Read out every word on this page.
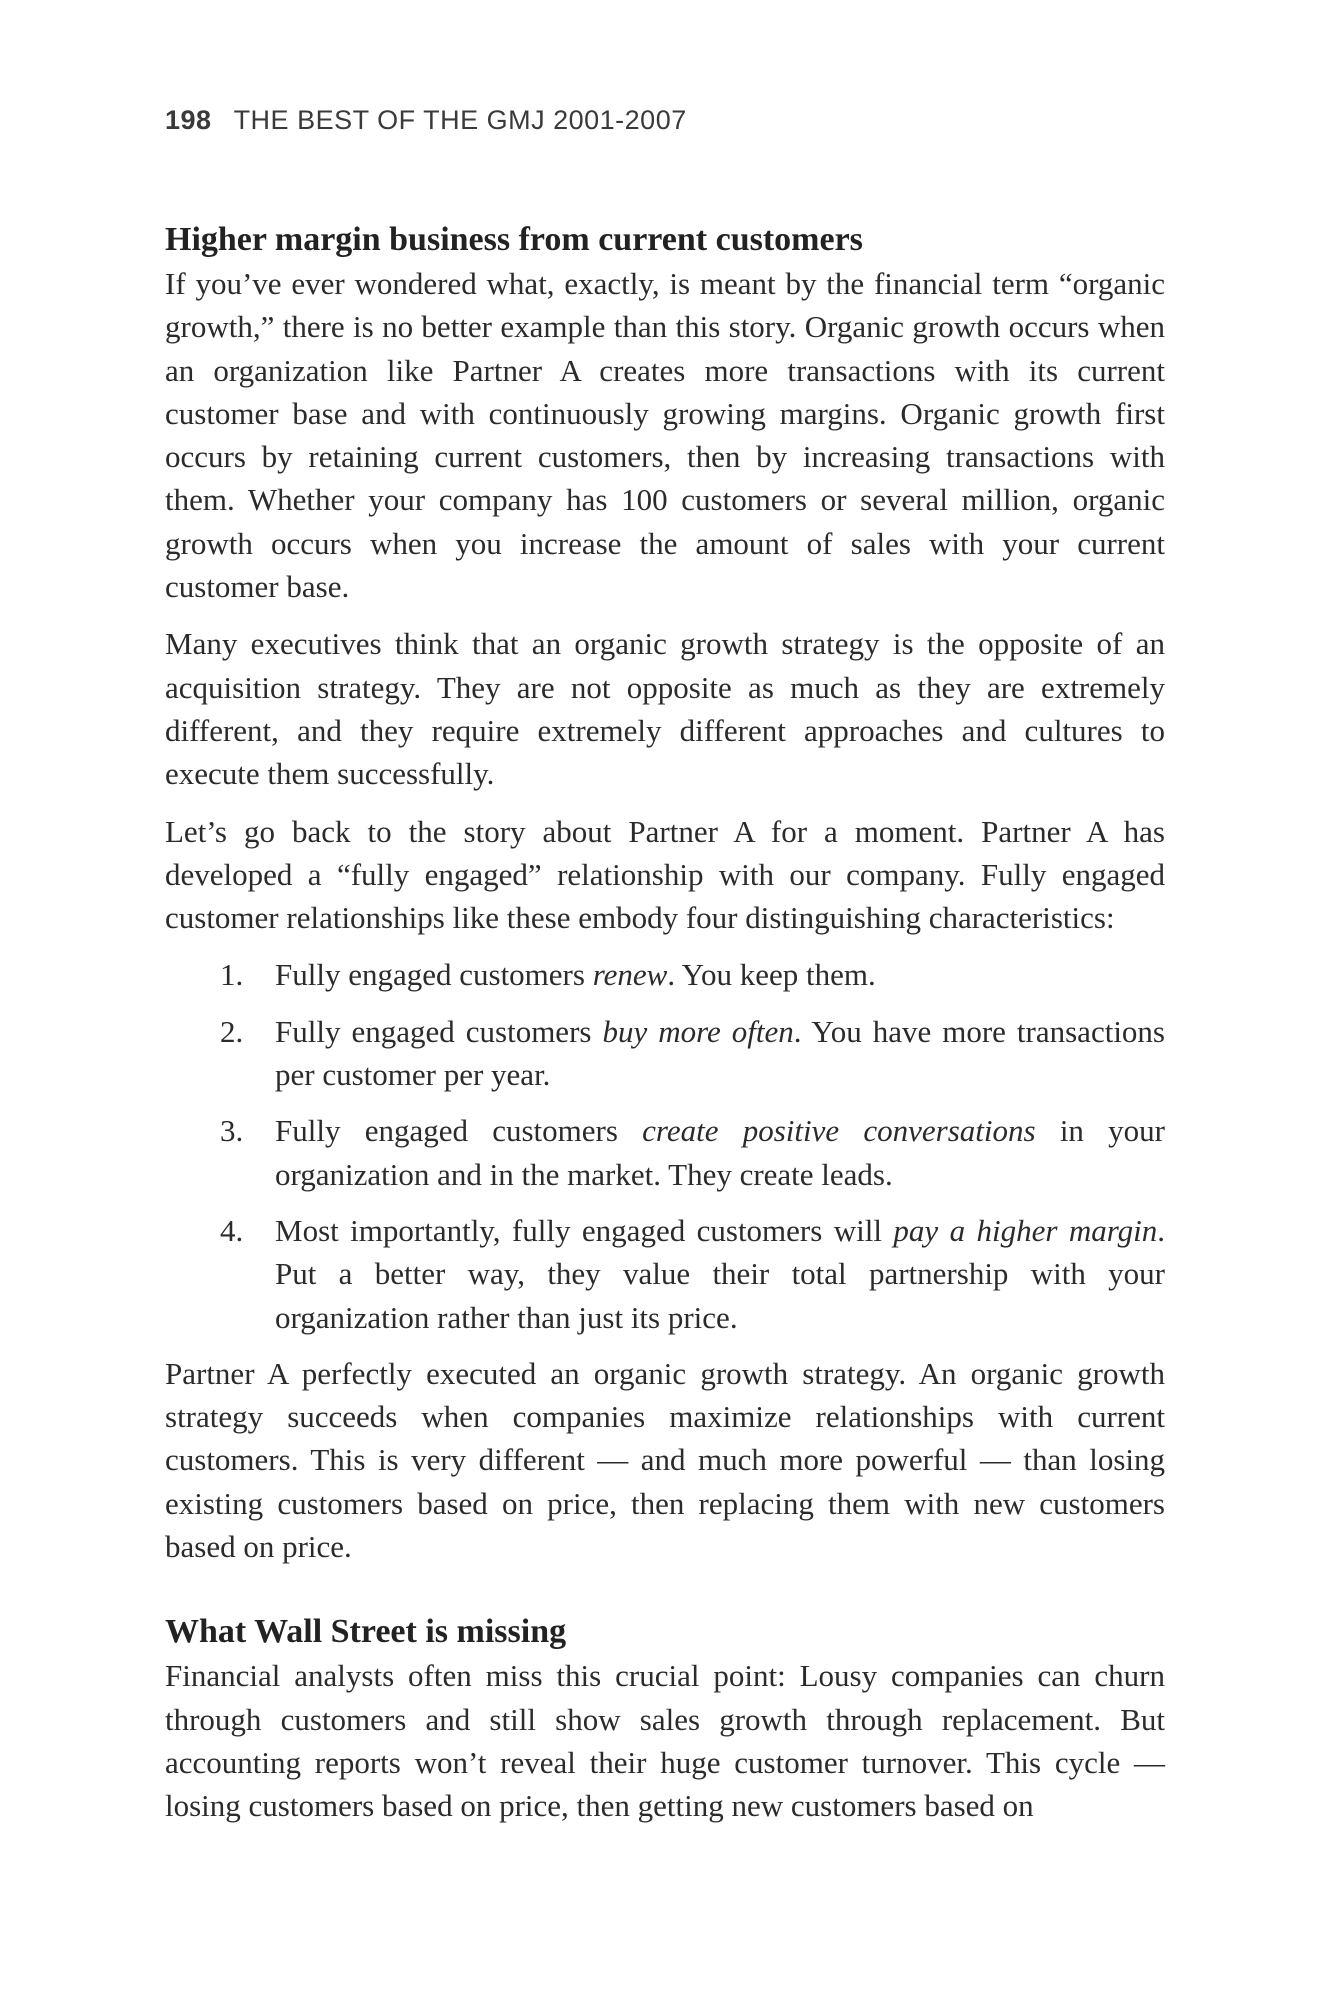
198 THE BEST OF THE GMJ 2001-2007
Higher margin business from current customers

If you’ve ever wondered what, exactly, is meant by the financial term “organic growth,” there is no better example than this story. Organic growth occurs when an organization like Partner A creates more transactions with its current customer base and with continuously growing margins. Organic growth first occurs by retaining current customers, then by increasing transactions with them. Whether your company has 100 customers or several million, organic growth occurs when you increase the amount of sales with your current customer base.

Many executives think that an organic growth strategy is the opposite of an acquisition strategy. They are not opposite as much as they are extremely different, and they require extremely different approaches and cultures to execute them successfully.

Let’s go back to the story about Partner A for a moment. Partner A has developed a “fully engaged” relationship with our company. Fully engaged customer relationships like these embody four distinguishing characteristics:

1. Fully engaged customers renew. You keep them.
2. Fully engaged customers buy more often. You have more transactions per customer per year.
3. Fully engaged customers create positive conversations in your organization and in the market. They create leads.
4. Most importantly, fully engaged customers will pay a higher margin. Put a better way, they value their total partnership with your organization rather than just its price.

Partner A perfectly executed an organic growth strategy. An organic growth strategy succeeds when companies maximize relationships with current customers. This is very different — and much more powerful — than losing existing customers based on price, then replacing them with new customers based on price.

What Wall Street is missing

Financial analysts often miss this crucial point: Lousy companies can churn through customers and still show sales growth through replacement. But accounting reports won’t reveal their huge customer turnover. This cycle — losing customers based on price, then getting new customers based on
